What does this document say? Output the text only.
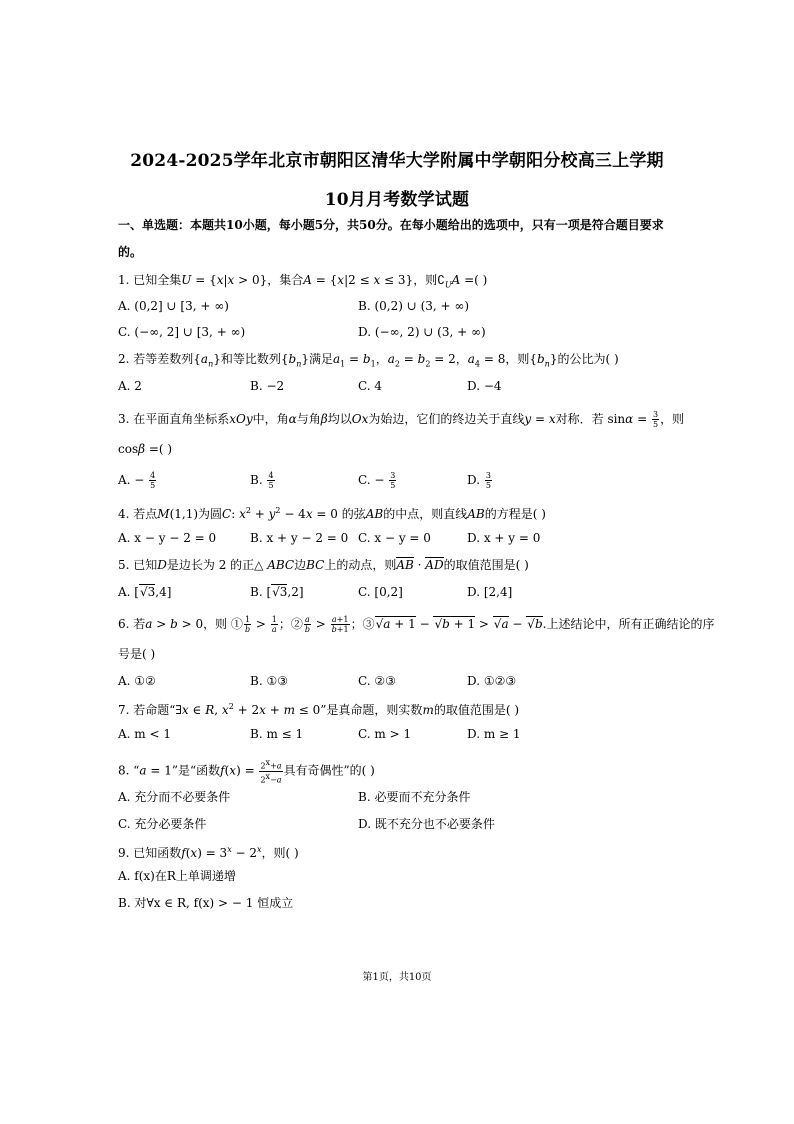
2024-2025学年北京市朝阳区清华大学附属中学朝阳分校高三上学期
10月月考数学试题
一、单选题：本题共10小题，每小题5分，共50分。在每小题给出的选项中，只有一项是符合题目要求
的。
1. 已知全集U = {x|x > 0}，集合A = {x|2 ≤ x ≤ 3}，则$∁_UA$ =( )
A. (0,2] ∪ [3, + ∞)	B. (0,2) ∪ (3, + ∞)
C. (−∞, 2] ∪ [3, + ∞)	D. (−∞, 2) ∪ (3, + ∞)
2. 若等差数列$\{a_n\}$和等比数列$\{b_n\}$满足$a_1 = b_1$，$a_2 = b_2 = 2$，$a_4 = 8$，则$\{b_n\}$的公比为( )
A. 2	B. −2	C. 4	D. −4
3. 在平面直角坐标系xOy中，角α与角β均以Ox为始边，它们的终边关于直线y = x对称．若 $\sin\alpha = \frac{3}{5}$ ，则
cosβ =( )
A. − $\frac{4}{5}$	B. $\frac{4}{5}$	C. − $\frac{3}{5}$	D. $\frac{3}{5}$
4. 若点M(1,1)为圆C: $x^2 + y^2 - 4x = 0$ 的弦AB的中点，则直线AB的方程是( )
A. x − y − 2 = 0	B. x + y − 2 = 0 C. x − y = 0	D. x + y = 0
5. 已知D是边长为 2 的正△ ABC边BC上的动点，则AB · AD的取值范围是( )
A. [√3,4]	B. [√3,2]	C. [0,2]	D. [2,4]
6. 若a > b > 0，则 ① $\frac{1}{b} > \frac{1}{a}$ ；② $\frac{a}{b} > \frac{a+1}{b+1}$ ；③√a + 1 − √b + 1 > √a − √b.上述结论中，所有正确结论的序
号是( )
A. ①②	B. ①③	C. ②③	D. ①②③
7. 若命题“∃x ∈ R, $x^2 + 2x + m \le 0$”是真命题，则实数m的取值范围是( )
A. m < 1	B. m ≤ 1	C. m > 1	D. m ≥ 1
8. “a = 1”是“函数$f(x) = \frac{2^x+a}{2^x-a}$ 具有奇偶性”的( )
A. 充分而不必要条件	B. 必要而不充分条件
C. 充分必要条件	D. 既不充分也不必要条件
9. 已知函数$f(x) = 3^x - 2^x$，则( )
A. f(x)在R上单调递增
B. 对∀x ∈ R, f(x) > − 1 恒成立
第1页，共10页
